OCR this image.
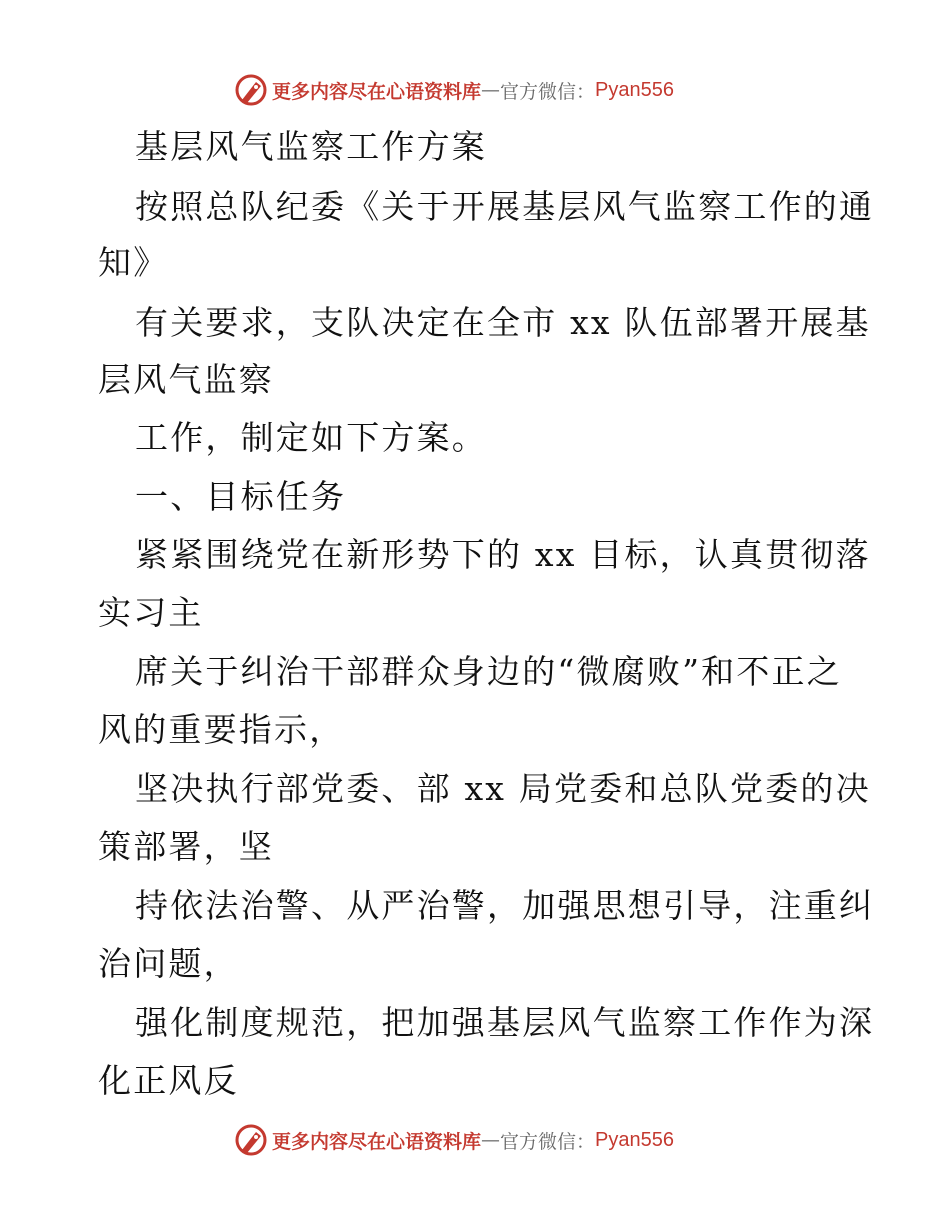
更多内容尽在心语资料库 — 官方微信： Pyan556
基层风气监察工作方案
按照总队纪委《关于开展基层风气监察工作的通
知》
有关要求，支队决定在全市 xx 队伍部署开展基
层风气监察
工作，制定如下方案。
一、目标任务
紧紧围绕党在新形势下的 xx 目标，认真贯彻落
实习主
席关于纠治干部群众身边的“微腐败”和不正之
风的重要指示，
坚决执行部党委、部 xx 局党委和总队党委的决
策部署，坚
持依法治警、从严治警，加强思想引导，注重纠
治问题，
强化制度规范，把加强基层风气监察工作作为深
化正风反
更多内容尽在心语资料库 — 官方微信： Pyan556
